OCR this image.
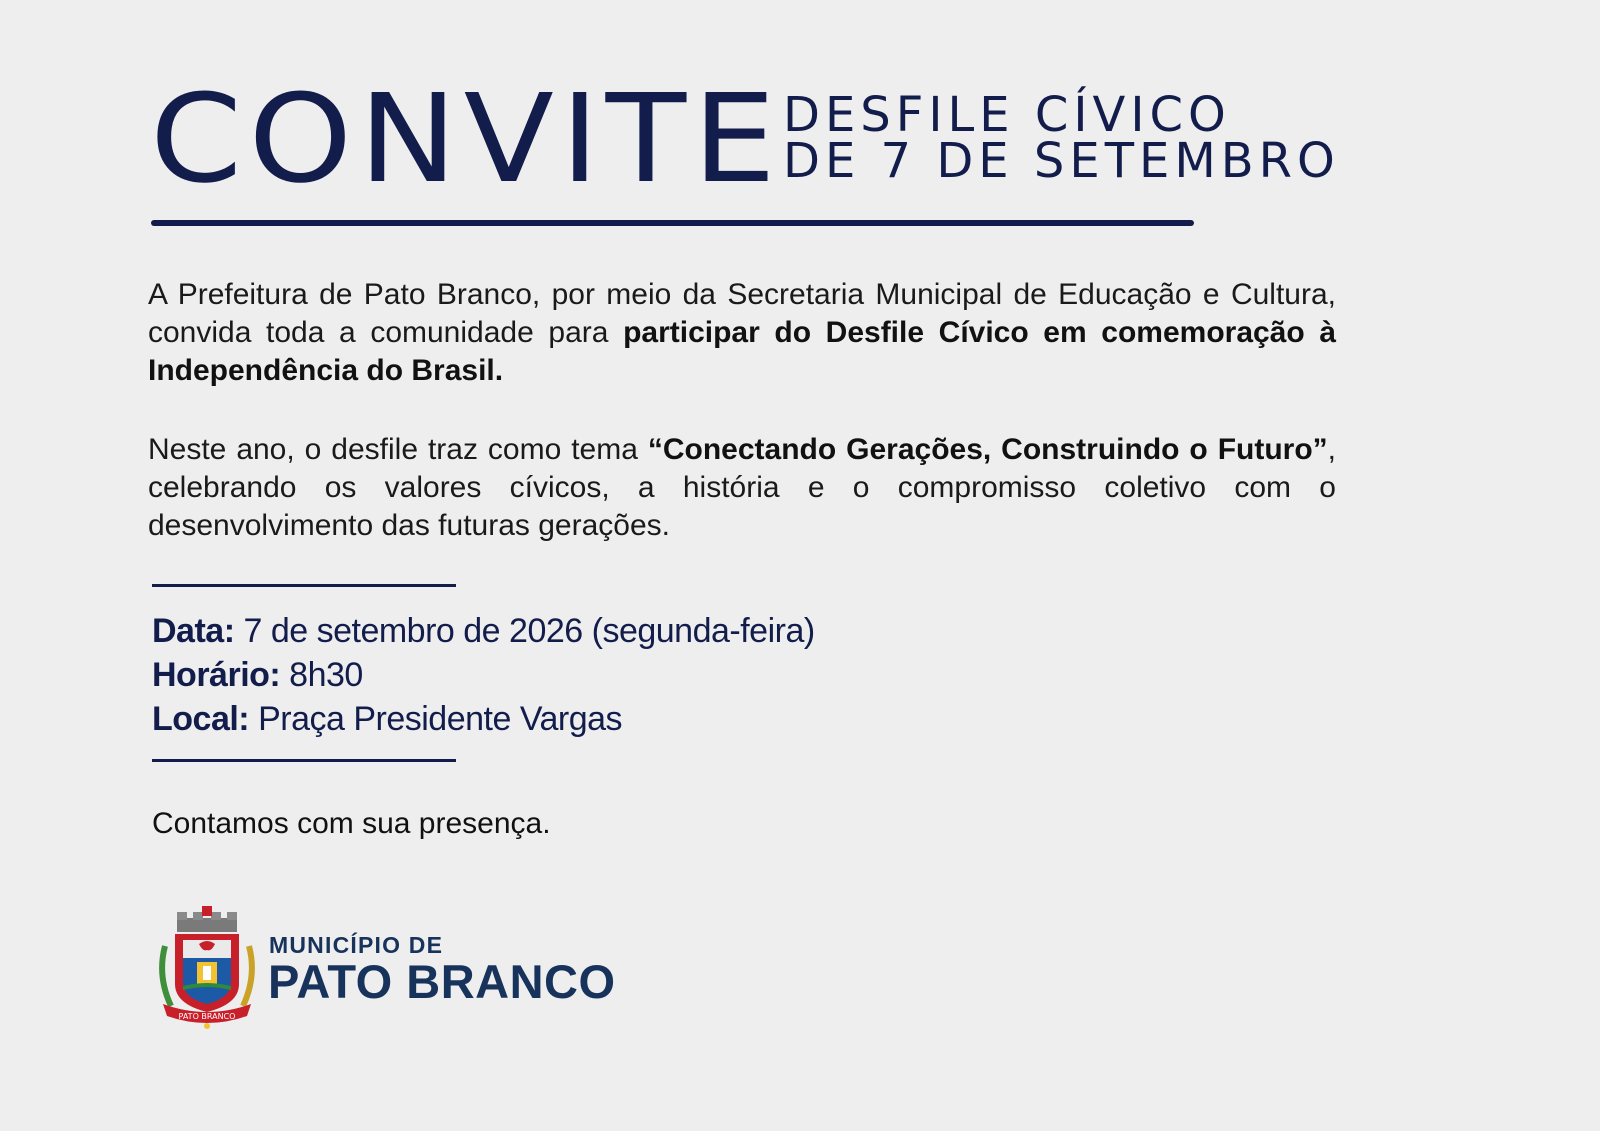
CONVITE DESFILE CÍVICO
DE 7 DE SETEMBRO

A Prefeitura de Pato Branco, por meio da Secretaria Municipal de Educação e Cultura, convida toda a comunidade para participar do Desfile Cívico em comemoração à Independência do Brasil.

Neste ano, o desfile traz como tema “Conectando Gerações, Construindo o Futuro”, celebrando os valores cívicos, a história e o compromisso coletivo com o desenvolvimento das futuras gerações.

Data: 7 de setembro de 2026 (segunda-feira)
Horário: 8h30
Local: Praça Presidente Vargas

Contamos com sua presença.

PATO BRANCO
MUNICÍPIO DE
PATO BRANCO
